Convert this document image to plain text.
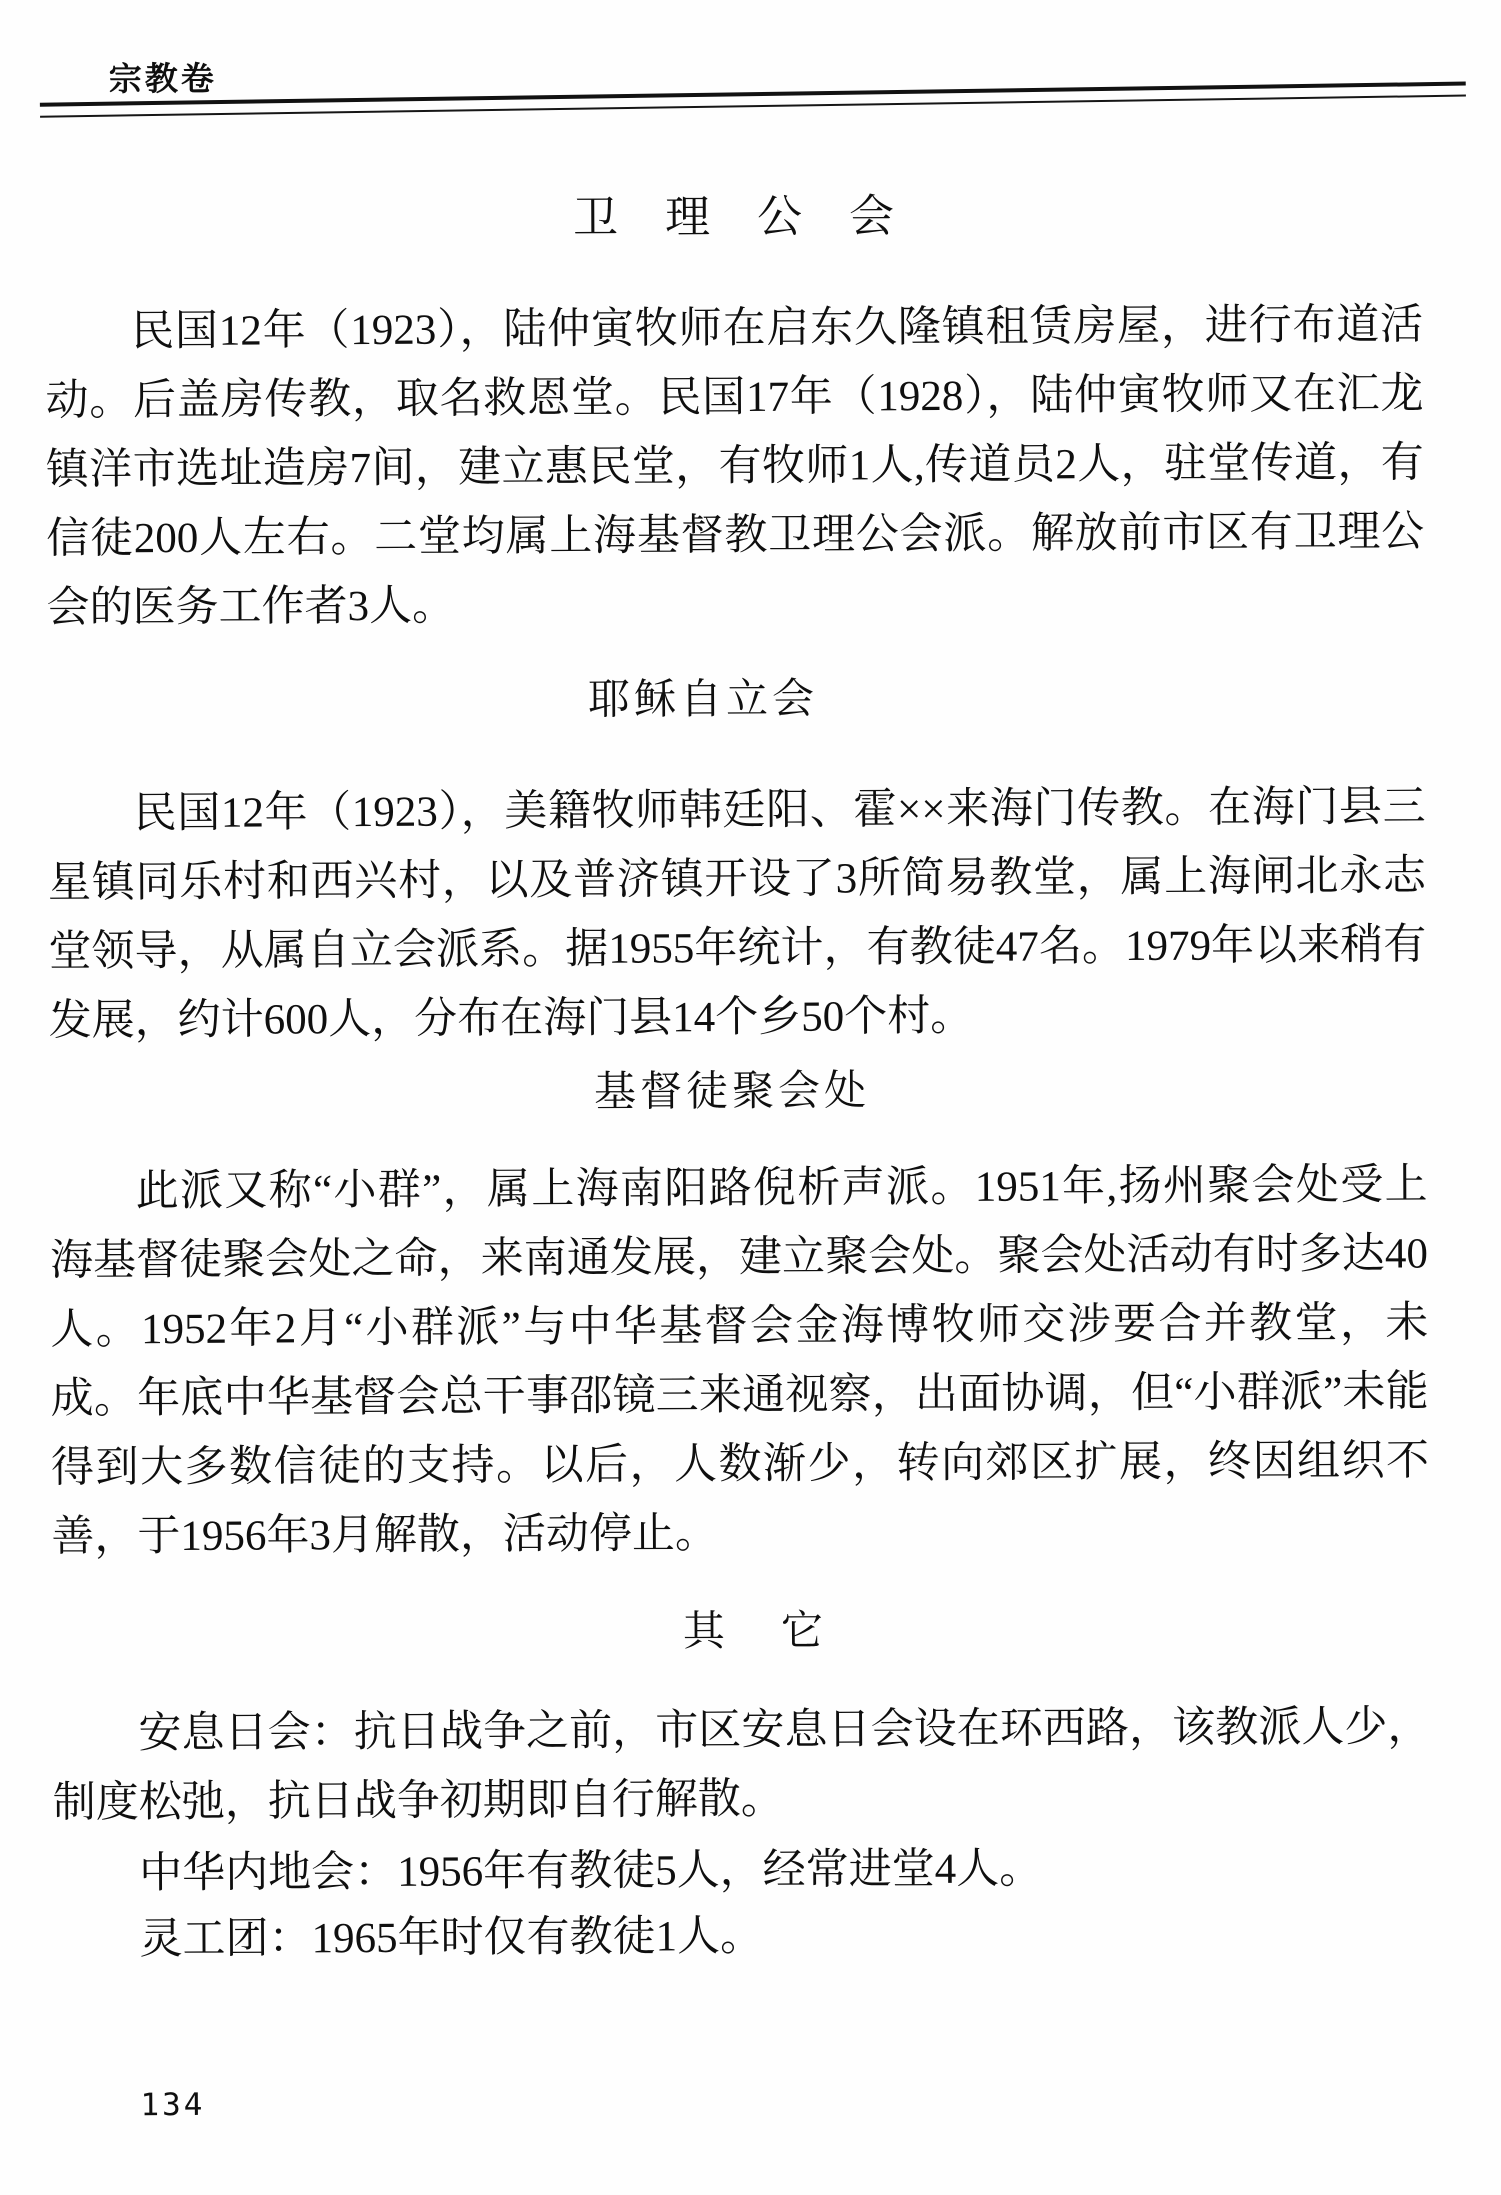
宗教卷
卫理公会

民国12年（1923），陆仲寅牧师在启东久隆镇租赁房屋，进行布道活动。后盖房传教，取名救恩堂。民国17年（1928），陆仲寅牧师又在汇龙镇洋市选址造房7间，建立惠民堂，有牧师1人,传道员2人，驻堂传道，有信徒200人左右。二堂均属上海基督教卫理公会派。解放前市区有卫理公会的医务工作者3人。

耶稣自立会

民国12年（1923），美籍牧师韩廷阳、霍××来海门传教。在海门县三星镇同乐村和西兴村，以及普济镇开设了3所简易教堂，属上海闸北永志堂领导，从属自立会派系。据1955年统计，有教徒47名。1979年以来稍有发展，约计600人，分布在海门县14个乡50个村。

基督徒聚会处

此派又称“小群”，属上海南阳路倪析声派。1951年,扬州聚会处受上海基督徒聚会处之命，来南通发展，建立聚会处。聚会处活动有时多达40人。1952年2月“小群派”与中华基督会金海博牧师交涉要合并教堂，未成。年底中华基督会总干事邵镜三来通视察，出面协调，但“小群派”未能得到大多数信徒的支持。以后，人数渐少，转向郊区扩展，终因组织不善，于1956年3月解散，活动停止。

其它

安息日会：抗日战争之前，市区安息日会设在环西路，该教派人少，制度松弛，抗日战争初期即自行解散。

中华内地会：1956年有教徒5人，经常进堂4人。

灵工团：1965年时仅有教徒1人。

134
